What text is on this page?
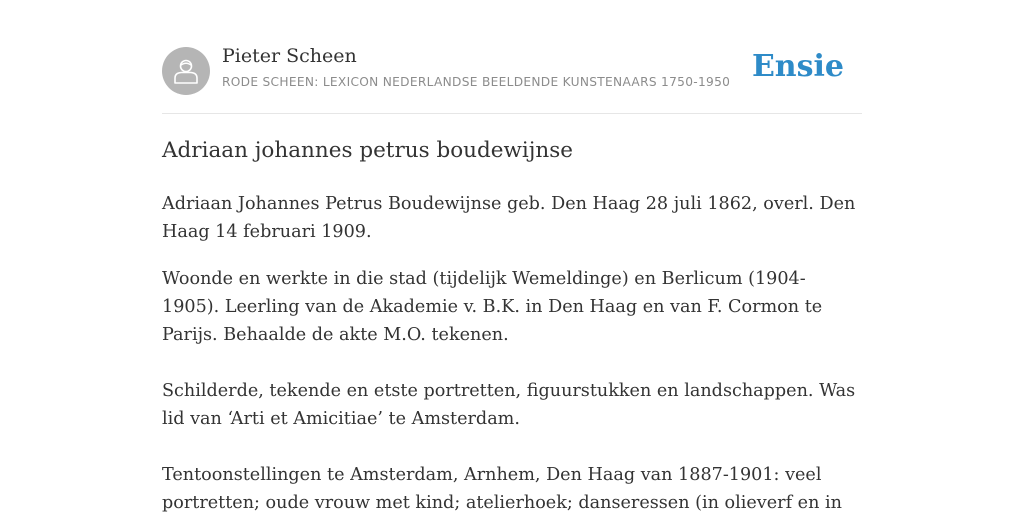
Pieter Scheen
RODE SCHEEN: LEXICON NEDERLANDSE BEELDENDE KUNSTENAARS 1750-1950 Ensie
Adriaan johannes petrus boudewijnse

Adriaan Johannes Petrus Boudewijnse geb. Den Haag 28 juli 1862, overl. Den Haag 14 februari 1909.

Woonde en werkte in die stad (tijdelijk Wemeldinge) en Berlicum (1904-1905). Leerling van de Akademie v. B.K. in Den Haag en van F. Cormon te Parijs. Behaalde de akte M.O. tekenen.

Schilderde, tekende en etste portretten, figuurstukken en landschappen. Was lid van ‘Arti et Amicitiae’ te Amsterdam.

Tentoonstellingen te Amsterdam, Arnhem, Den Haag van 1887-1901: veel portretten; oude vrouw met kind; atelierhoek; danseressen (in olieverf en in
